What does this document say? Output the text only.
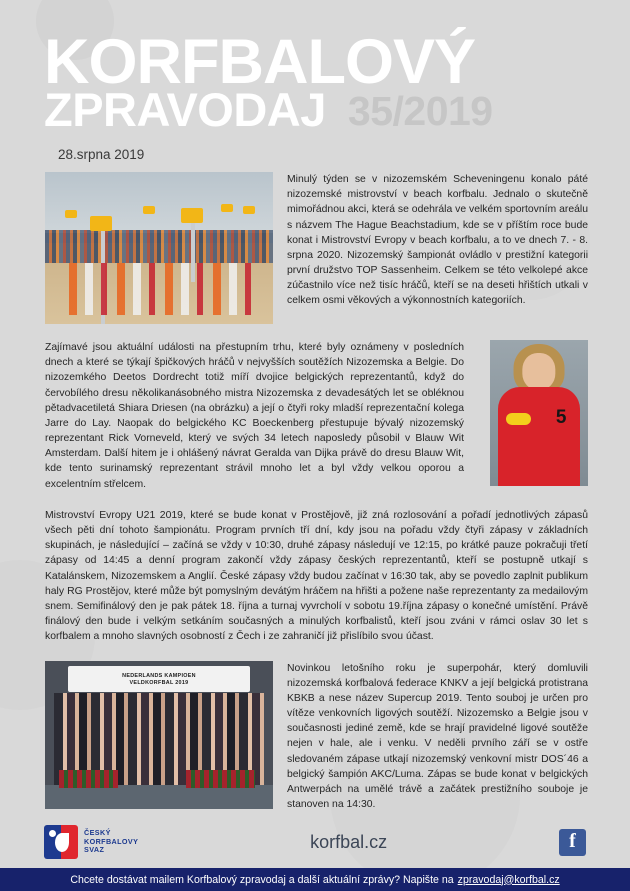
KORFBALOVÝ
ZPRAVODAJ 35/2019
28.srpna 2019

Minulý týden se v nizozemském Scheveningenu konalo páté nizozemské mistrovství v beach korfbalu. Jednalo o skutečně mimořádnou akci, která se odehrála ve velkém sportovním areálu s názvem The Hague Beachstadium, kde se v příštím roce bude konat i Mistrovství Evropy v beach korfbalu, a to ve dnech 7. - 8. srpna 2020. Nizozemský šampionát ovládlo v prestižní kategorii první družstvo TOP Sassenheim. Celkem se této velkolepé akce zúčastnilo více než tisíc hráčů, kteří se na deseti hřištích utkali v celkem osmi věkových a výkonnostních kategoriích.

Zajímavé jsou aktuální události na přestupním trhu, které byly oznámeny v posledních dnech a které se týkají špičkových hráčů v nejvyšších soutěžích Nizozemska a Belgie. Do nizozemkého Deetos Dordrecht totiž míří dvojice belgických reprezentantů, když do červobílého dresu několikanásobného mistra Nizozemska z devadesátých let se obléknou pětadvacetiletá Shiara Driesen (na obrázku) a její o čtyři roky mladší reprezentační kolega Jarre do Lay. Naopak do belgického KC Boeckenberg přestupuje bývalý nizozemský reprezentant Rick Vorneveld, který ve svých 34 letech naposledy působil v Blauw Wit Amsterdam. Další hitem je i ohlášený návrat Geralda van Dijka právě do dresu Blauw Wit, kde tento surinamský reprezentant strávil mnoho let a byl vždy velkou oporou a excelentním střelcem.

5

Mistrovství Evropy U21 2019, které se bude konat v Prostějově, již zná rozlosování a pořadí jednotlivých zápasů všech pěti dní tohoto šampionátu. Program prvních tří dní, kdy jsou na pořadu vždy čtyři zápasy v základních skupinách, je následující – začíná se vždy v 10:30, druhé zápasy následují ve 12:15, po krátké pauze pokračuji třetí zápasy od 14:45 a denní program zakončí vždy zápasy českých reprezentantů, kteří se postupně utkají s Katalánskem, Nizozemskem a Anglií. České zápasy vždy budou začínat v 16:30 tak, aby se povedlo zaplnit publikum haly RG Prostějov, které může být pomyslným devátým hráčem na hřišti a požene naše reprezentanty za medailovým snem. Semifinálový den je pak pátek 18. října a turnaj vyvrcholí v sobotu 19.října zápasy o konečné umístění. Právě finálový den bude i velkým setkáním současných a minulých korfbalistů, kteří jsou zváni v rámci oslav 30 let s korfbalem a mnoho slavných osobností z Čech i ze zahraničí již přislíbilo svou účast.

NEDERLANDS KAMPIOEN
VELDKORFBAL 2019

Novinkou letošního roku je superpohár, který domluvili nizozemská korfbalová federace KNKV a její belgická protistrana KBKB a nese název Supercup 2019. Tento souboj je určen pro vítěze venkovních ligových soutěží. Nizozemsko a Belgie jsou v současnosti jediné země, kde se hrají pravidelné ligové soutěže nejen v hale, ale i venku. V neděli prvního září se v ostře sledovaném zápase utkají nizozemský venkovní mistr DOS´46 a belgický šampión AKC/Luma. Zápas se bude konat v belgických Antwerpách na umělé trávě a začátek prestižního souboje je stanoven na 14:30.

ČESKÝ
KORFBALOVY
SVAZ	korfbal.cz	f
Chcete dostávat mailem Korfbalový zpravodaj a další aktuální zprávy? Napište na zpravodaj@korfbal.cz
